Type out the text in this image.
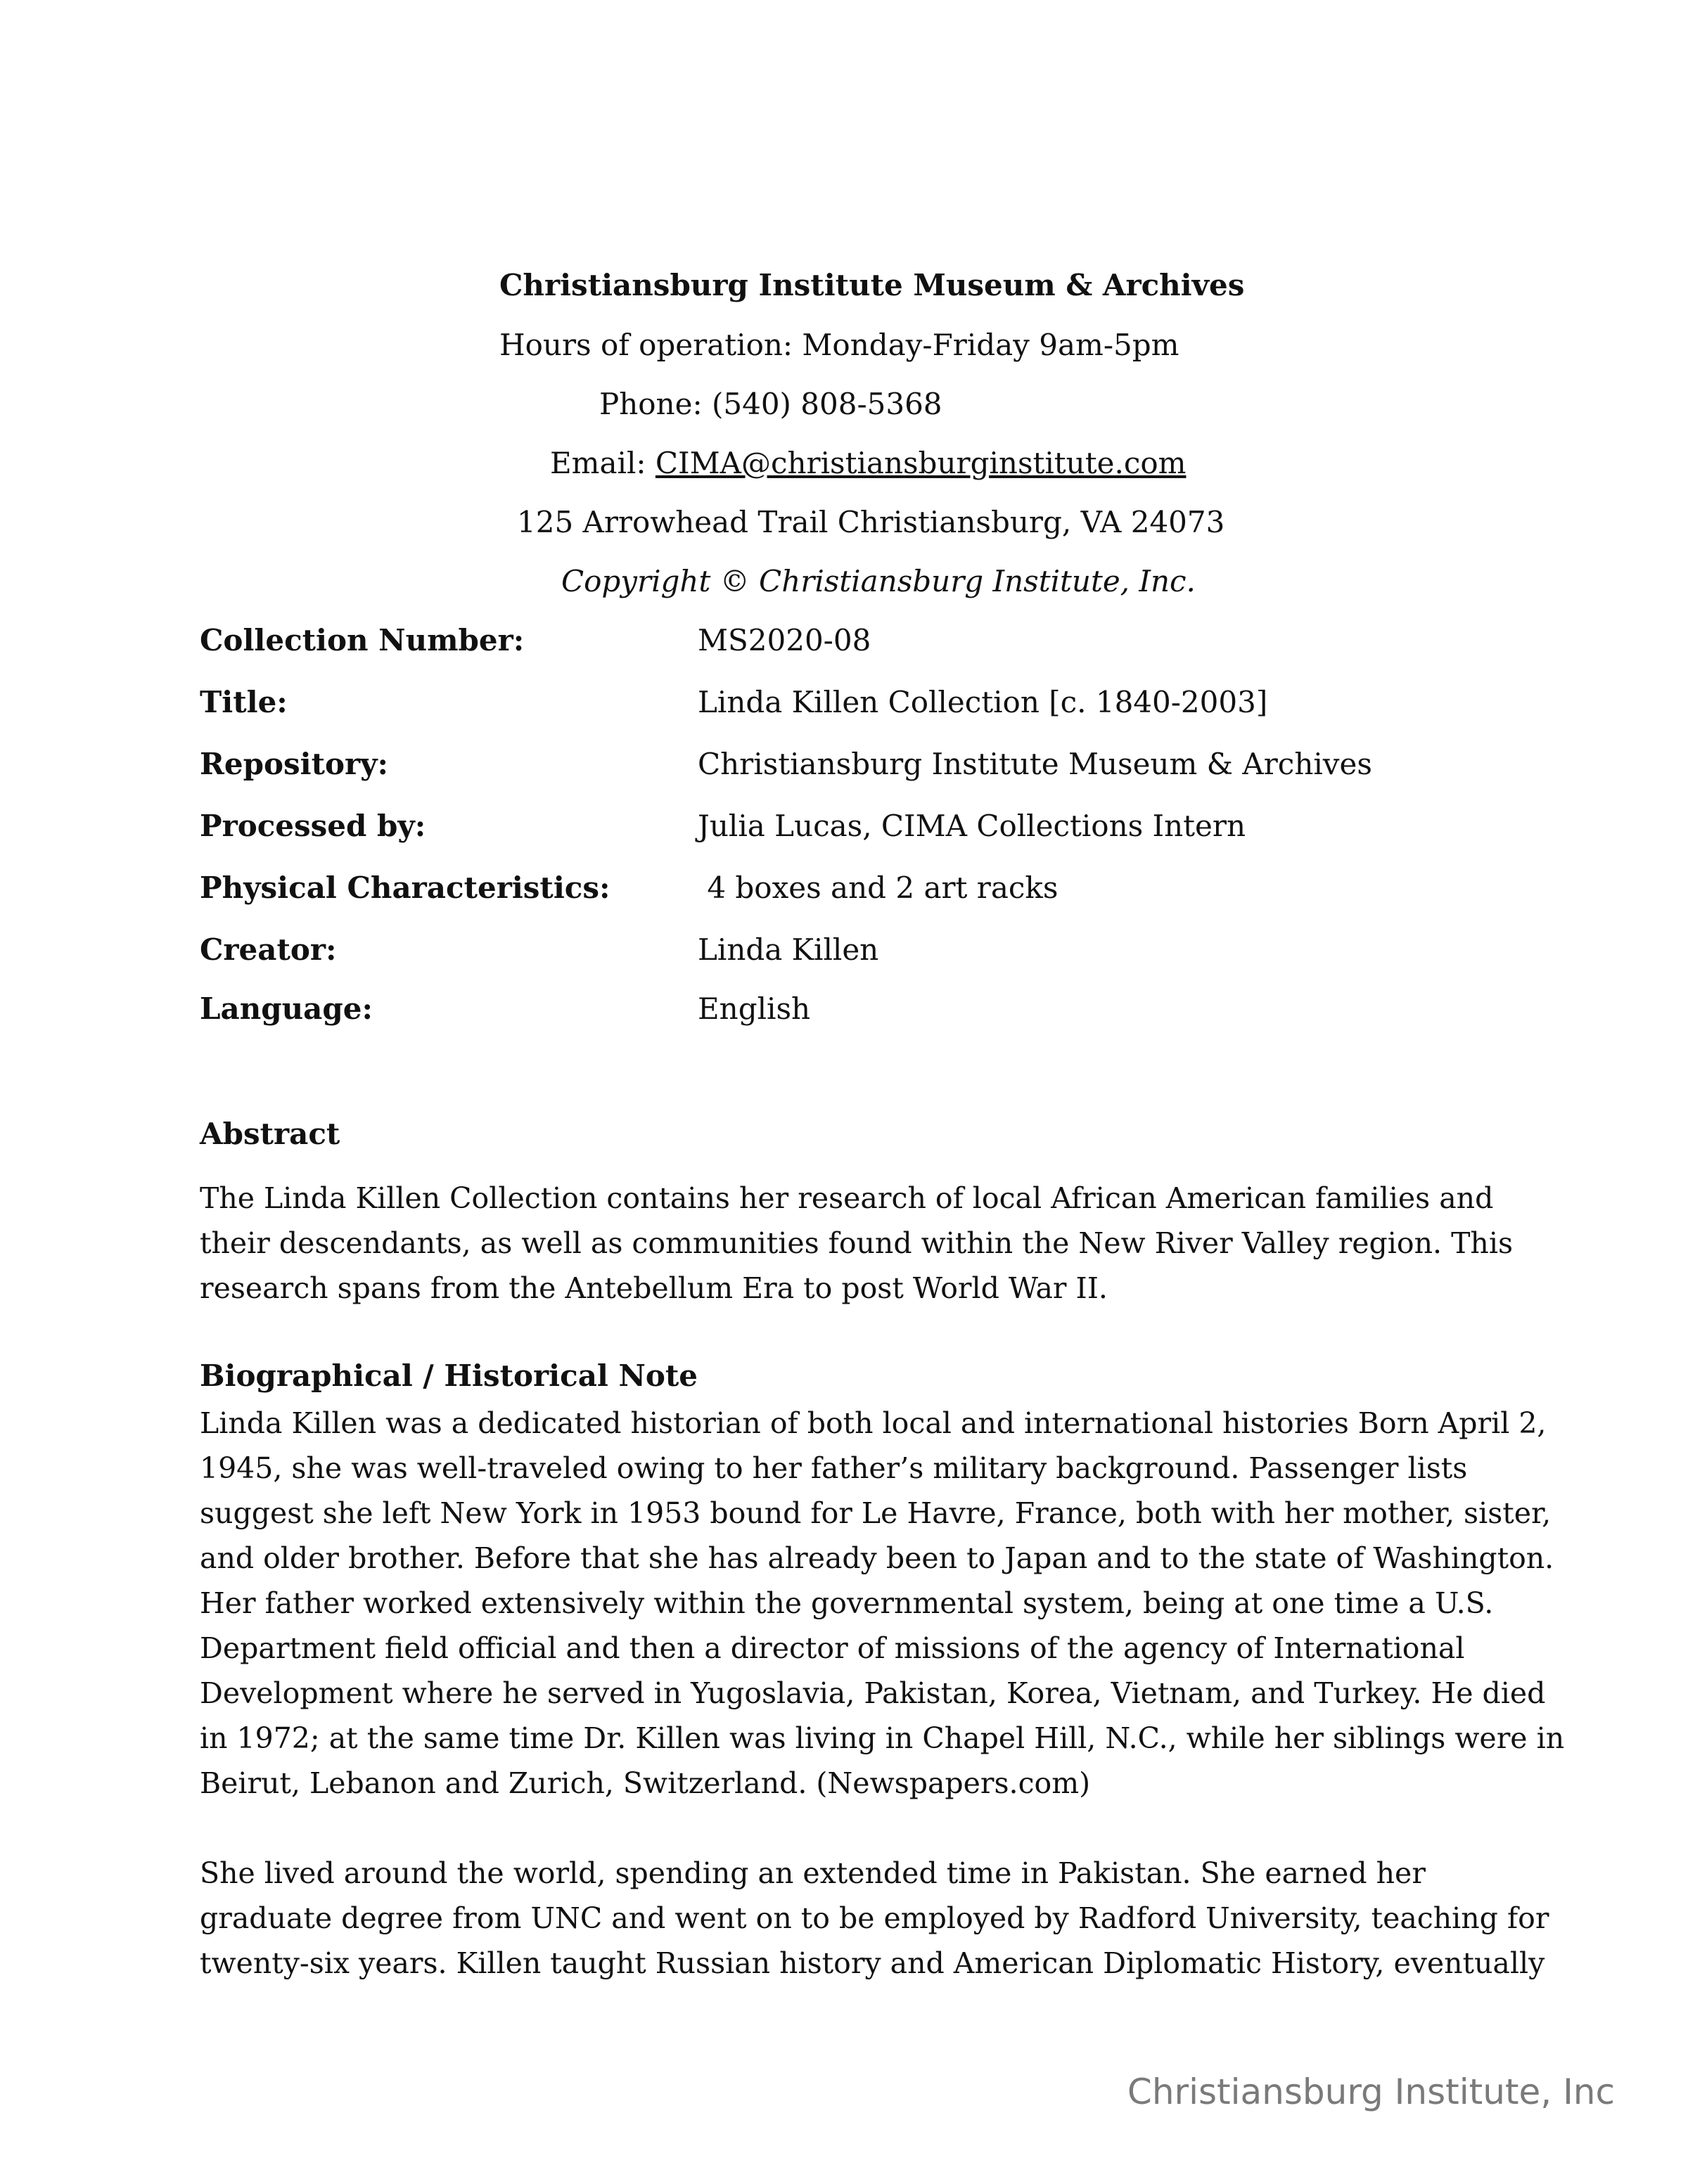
Christiansburg Institute Museum & Archives
Hours of operation: Monday-Friday 9am-5pm
Phone: (540) 808-5368
Email: CIMA@christiansburginstitute.com
125 Arrowhead Trail Christiansburg, VA 24073
Copyright © Christiansburg Institute, Inc.
Collection Number:	MS2020-08
Title:	Linda Killen Collection [c. 1840-2003]
Repository:	Christiansburg Institute Museum & Archives
Processed by:	Julia Lucas, CIMA Collections Intern
Physical Characteristics:	4 boxes and 2 art racks
Creator:	Linda Killen
Language:	English
Abstract
The Linda Killen Collection contains her research of local African American families and
their descendants, as well as communities found within the New River Valley region. This
research spans from the Antebellum Era to post World War II.
Biographical / Historical Note
Linda Killen was a dedicated historian of both local and international histories Born April 2,
1945, she was well-traveled owing to her father’s military background. Passenger lists
suggest she left New York in 1953 bound for Le Havre, France, both with her mother, sister,
and older brother. Before that she has already been to Japan and to the state of Washington.
Her father worked extensively within the governmental system, being at one time a U.S.
Department field official and then a director of missions of the agency of International
Development where he served in Yugoslavia, Pakistan, Korea, Vietnam, and Turkey. He died
in 1972; at the same time Dr. Killen was living in Chapel Hill, N.C., while her siblings were in
Beirut, Lebanon and Zurich, Switzerland. (Newspapers.com)
She lived around the world, spending an extended time in Pakistan. She earned her
graduate degree from UNC and went on to be employed by Radford University, teaching for
twenty-six years. Killen taught Russian history and American Diplomatic History, eventually
Christiansburg Institute, Inc
